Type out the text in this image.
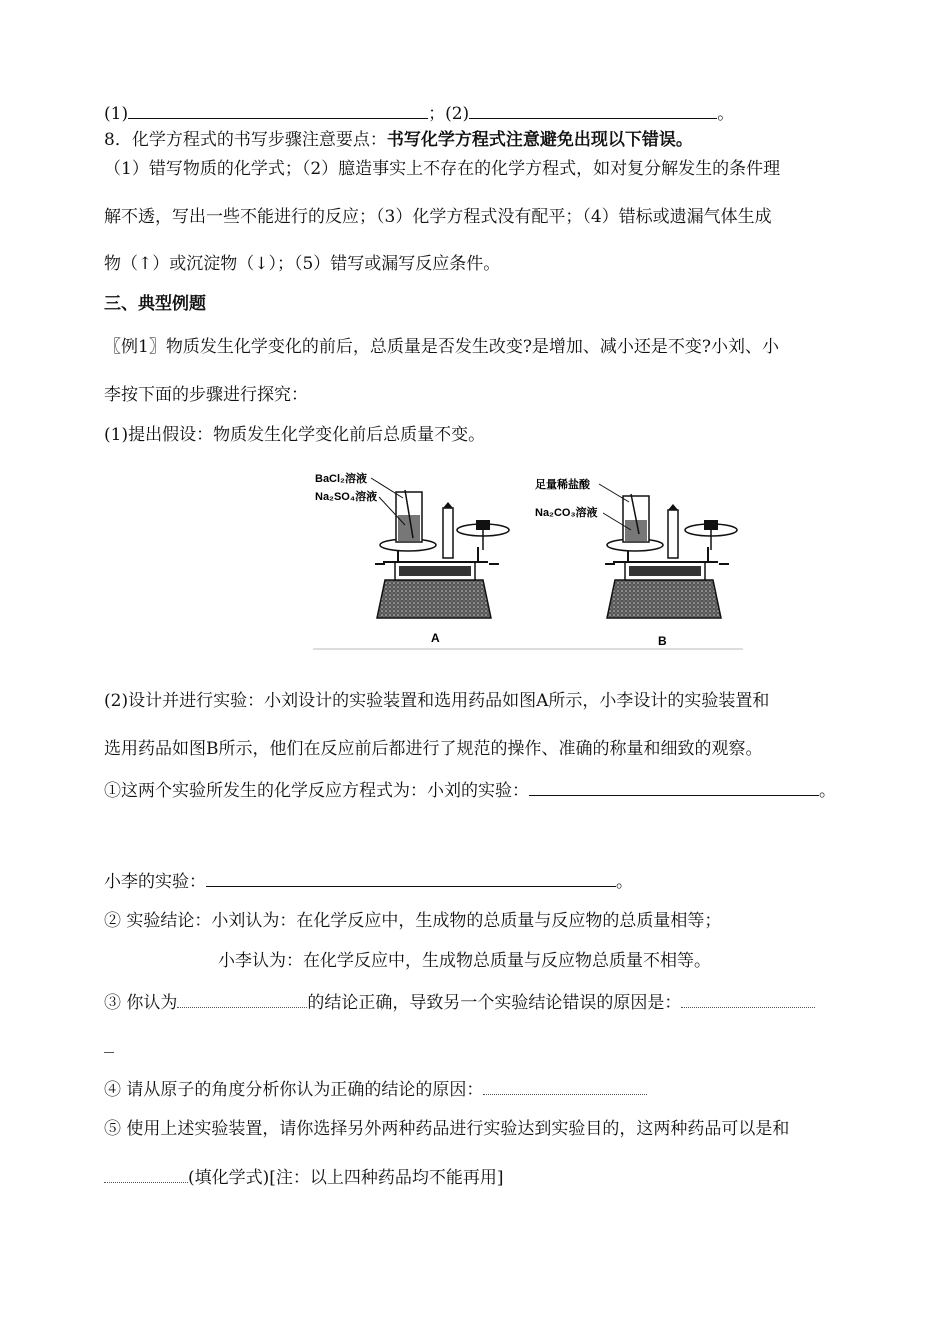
(1)	；(2)	。
8．化学方程式的书写步骤注意要点：书写化学方程式注意避免出现以下错误。
（1）错写物质的化学式；（2）臆造事实上不存在的化学方程式，如对复分解发生的条件理
解不透，写出一些不能进行的反应；（3）化学方程式没有配平；（4）错标或遗漏气体生成
物（↑）或沉淀物（↓）；（5）错写或漏写反应条件。
三、典型例题
〖例1〗物质发生化学变化的前后，总质量是否发生改变?是增加、减小还是不变?小刘、小
李按下面的步骤进行探究：
(1)提出假设：物质发生化学变化前后总质量不变。
BaCl₂溶液
Na₂SO₄溶液
足量稀盐酸
Na₂CO₃溶液
A	B
(2)设计并进行实验：小刘设计的实验装置和选用药品如图A所示，小李设计的实验装置和
选用药品如图B所示，他们在反应前后都进行了规范的操作、准确的称量和细致的观察。
①这两个实验所发生的化学反应方程式为：小刘的实验：	。
小李的实验：	。
② 实验结论：小刘认为：在化学反应中，生成物的总质量与反应物的总质量相等；
小李认为：在化学反应中，生成物总质量与反应物总质量不相等。
③ 你认为	的结论正确，导致另一个实验结论错误的原因是：
④ 请从原子的角度分析你认为正确的结论的原因：
⑤ 使用上述实验装置，请你选择另外两种药品进行实验达到实验目的，这两种药品可以是和
(填化学式)[注：以上四种药品均不能再用]
